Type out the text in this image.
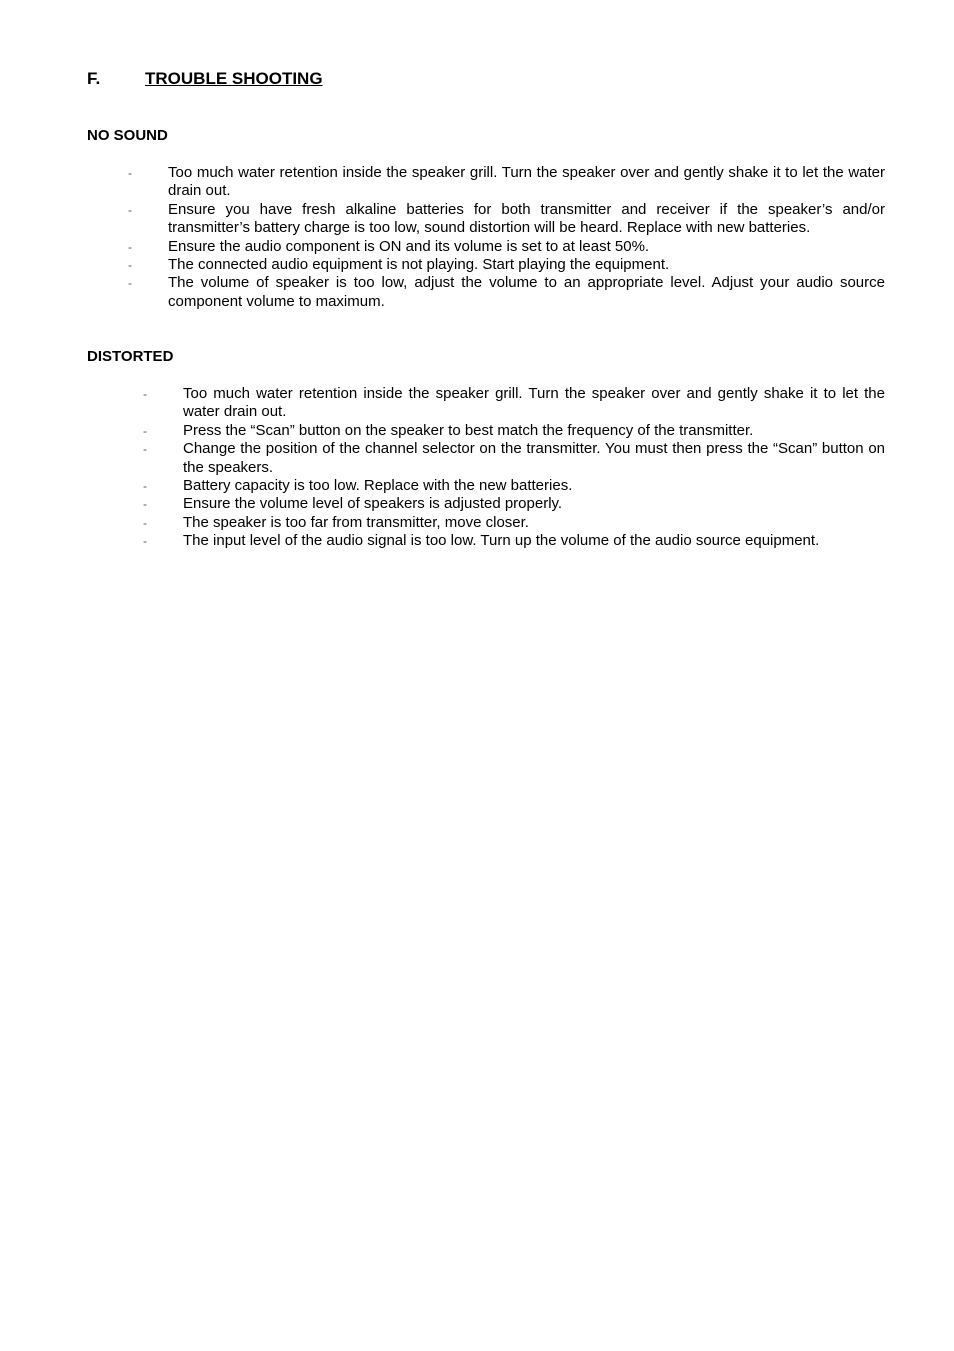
F.	TROUBLE SHOOTING
NO SOUND
- Too much water retention inside the speaker grill. Turn the speaker over and gently shake it to let the water drain out.
- Ensure you have fresh alkaline batteries for both transmitter and receiver if the speaker’s and/or transmitter’s battery charge is too low, sound distortion will be heard. Replace with new batteries.
- Ensure the audio component is ON and its volume is set to at least 50%.
- The connected audio equipment is not playing. Start playing the equipment.
- The volume of speaker is too low, adjust the volume to an appropriate level. Adjust your audio source component volume to maximum.
DISTORTED
- Too much water retention inside the speaker grill. Turn the speaker over and gently shake it to let the water drain out.
- Press the “Scan” button on the speaker to best match the frequency of the transmitter.
- Change the position of the channel selector on the transmitter. You must then press the “Scan” button on the speakers.
- Battery capacity is too low. Replace with the new batteries.
- Ensure the volume level of speakers is adjusted properly.
- The speaker is too far from transmitter, move closer.
- The input level of the audio signal is too low. Turn up the volume of the audio source equipment.
